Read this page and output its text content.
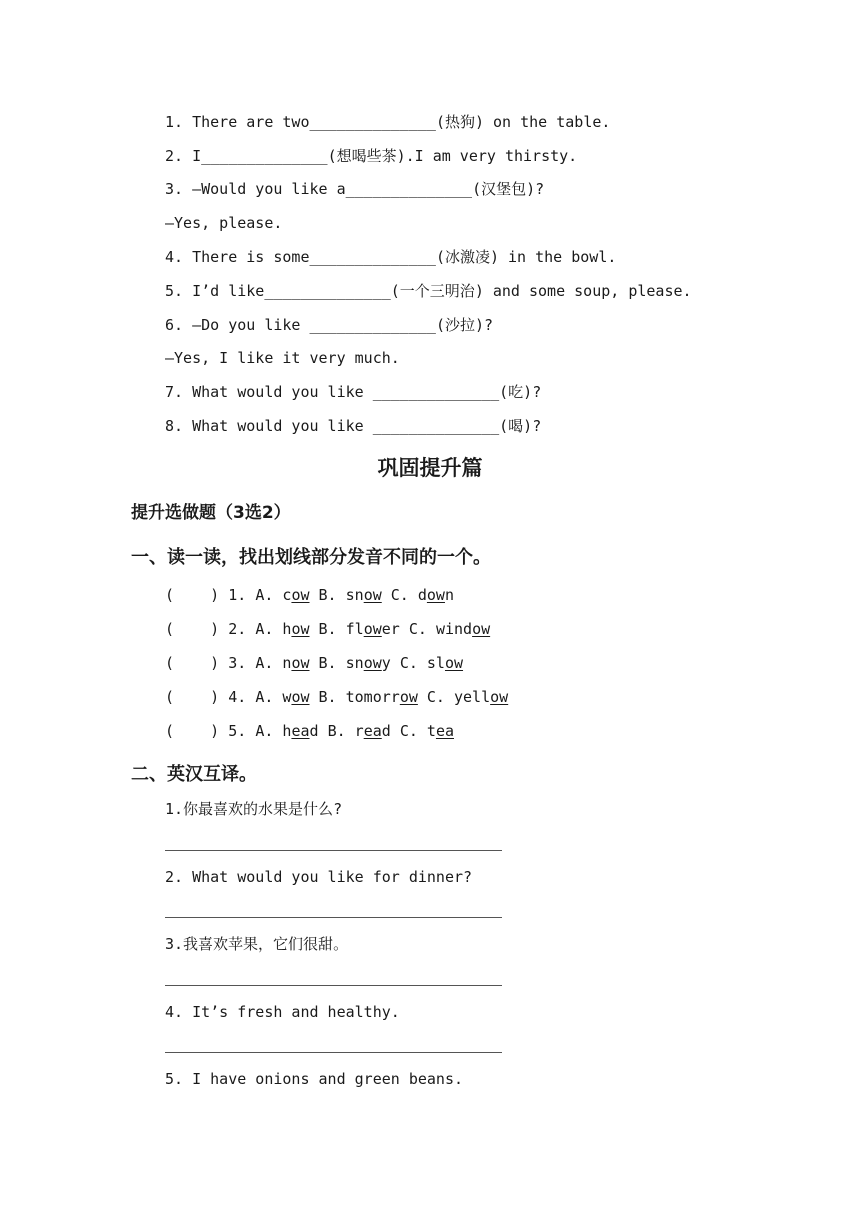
1. There are two______________(热狗) on the table.
2. I______________(想喝些茶).I am very thirsty.
3. —Would you like a______________(汉堡包)?
—Yes, please.
4. There is some______________(冰激凌) in the bowl.
5. I’d like______________(一个三明治) and some soup, please.
6. —Do you like ______________(沙拉)?
—Yes, I like it very much.
7. What would you like ______________(吃)?
8. What would you like ______________(喝)?
巩固提升篇
提升选做题（3选2）
一、读一读，找出划线部分发音不同的一个。
(    ) 1. A. cow B. snow C. down
(    ) 2. A. how B. flower C. window
(    ) 3. A. now B. snowy C. slow
(    ) 4. A. wow B. tomorrow C. yellow
(    ) 5. A. head B. read C. tea
二、英汉互译。
1.你最喜欢的水果是什么?
2. What would you like for dinner?
3.我喜欢苹果，它们很甜。
4. It’s fresh and healthy.
5. I have onions and green beans.
